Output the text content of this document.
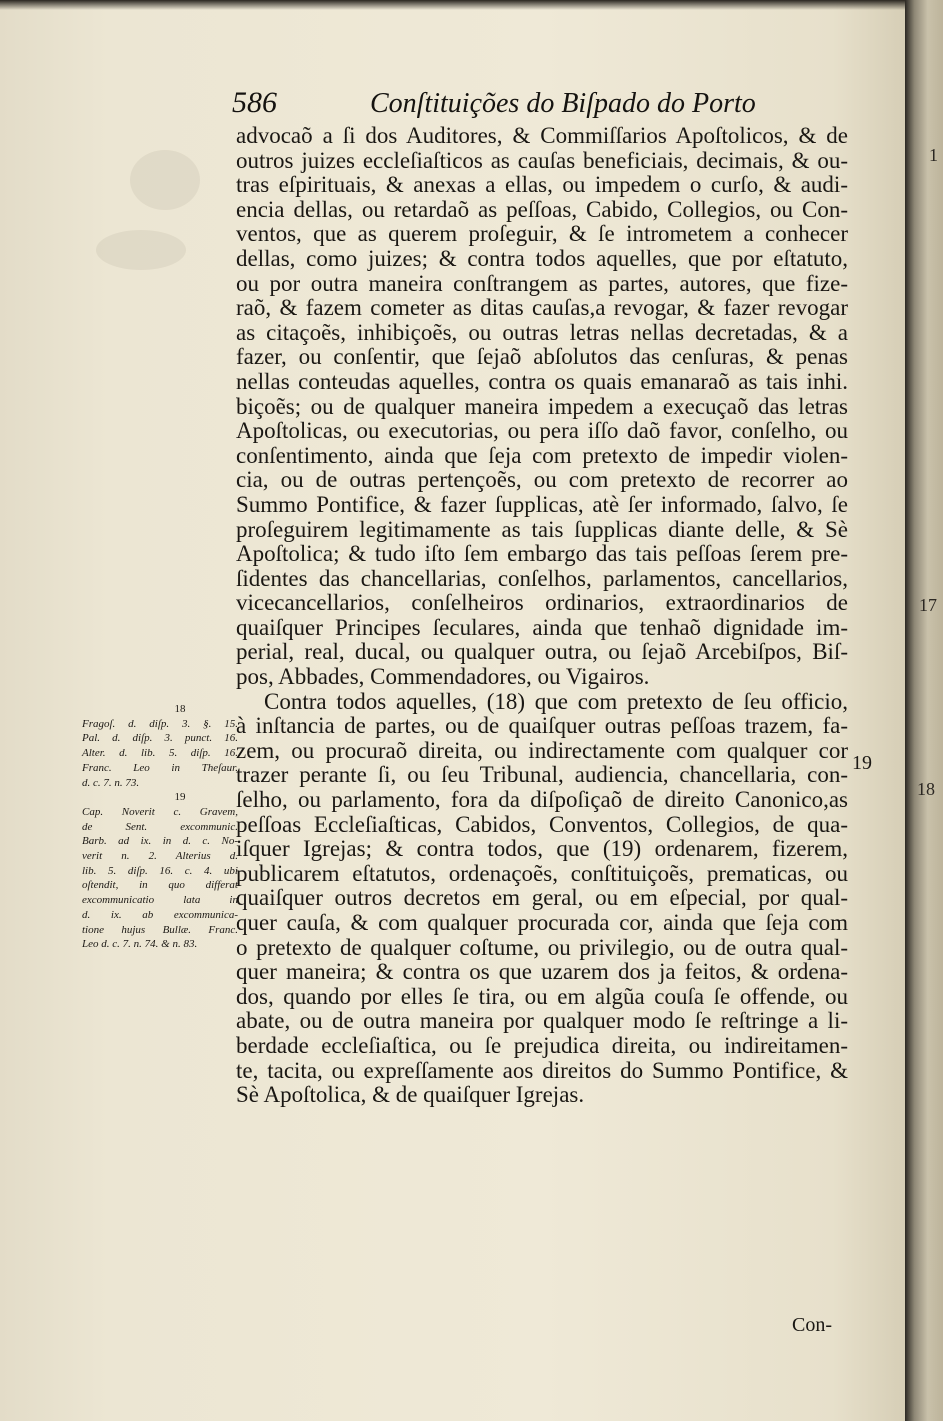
586	Conſtituições do Biſpado do Porto
advocaõ a ſi dos Auditores, & Commiſſarios Apoſtolicos, & de
outros juizes eccleſiaſticos as cauſas beneficiais, decimais, & ou-
tras eſpirituais, & anexas a ellas, ou impedem o curſo, & audi-
encia dellas, ou retardaõ as peſſoas, Cabido, Collegios, ou Con-
ventos, que as querem proſeguir, & ſe intrometem a conhecer
dellas, como juizes; & contra todos aquelles, que por eſtatuto,
ou por outra maneira conſtrangem as partes, autores, que fize-
raõ, & fazem cometer as ditas cauſas,a revogar, & fazer revogar
as citaçoẽs, inhibiçoẽs, ou outras letras nellas decretadas, & a
fazer, ou conſentir, que ſejaõ abſolutos das cenſuras, & penas
nellas conteudas aquelles, contra os quais emanaraõ as tais inhi.
biçoẽs; ou de qualquer maneira impedem a execuçaõ das letras
Apoſtolicas, ou executorias, ou pera iſſo daõ favor, conſelho, ou
conſentimento, ainda que ſeja com pretexto de impedir violen-
cia, ou de outras pertençoẽs, ou com pretexto de recorrer ao
Summo Pontifice, & fazer ſupplicas, atè ſer informado, ſalvo, ſe
proſeguirem legitimamente as tais ſupplicas diante delle, & Sè
Apoſtolica; & tudo iſto ſem embargo das tais peſſoas ſerem pre-
ſidentes das chancellarias, conſelhos, parlamentos, cancellarios,
vicecancellarios, conſelheiros ordinarios, extraordinarios de
quaiſquer Principes ſeculares, ainda que tenhaõ dignidade im-
perial, real, ducal, ou qualquer outra, ou ſejaõ Arcebiſpos, Biſ-
pos, Abbades, Commendadores, ou Vigairos.
Contra todos aquelles, (18) que com pretexto de ſeu officio,
à inſtancia de partes, ou de quaiſquer outras peſſoas trazem, fa-
zem, ou procuraõ direita, ou indirectamente com qualquer cor
trazer perante ſi, ou ſeu Tribunal, audiencia, chancellaria, con-
ſelho, ou parlamento, fora da diſpoſiçaõ de direito Canonico,as
peſſoas Eccleſiaſticas, Cabidos, Conventos, Collegios, de qua-
iſquer Igrejas; & contra todos, que (19) ordenarem, fizerem,
publicarem eſtatutos, ordenaçoẽs, conſtituiçoẽs, prematicas, ou
quaiſquer outros decretos em geral, ou em eſpecial, por qual-
quer cauſa, & com qualquer procurada cor, ainda que ſeja com
o pretexto de qualquer coſtume, ou privilegio, ou de outra qual-
quer maneira; & contra os que uzarem dos ja feitos, & ordena-
dos, quando por elles ſe tira, ou em algũa couſa ſe offende, ou
abate, ou de outra maneira por qualquer modo ſe reſtringe a li-
berdade eccleſiaſtica, ou ſe prejudica direita, ou indireitamen-
te, tacita, ou expreſſamente aos direitos do Summo Pontifice, &
Sè Apoſtolica, & de quaiſquer Igrejas.
Con-
18
Fragoſ. d. diſp. 3. §. 15.
Pal. d. diſp. 3. punct. 16.
Alter. d. lib. 5. diſp. 16.
Franc. Leo in Theſaur.
d. c. 7. n. 73.
19
Cap. Noverit c. Gravem,
de Sent. excommunic.
Barb. ad ix. in d. c. No-
verit n. 2. Alterius d.
lib. 5. diſp. 16. c. 4. ubi
oſtendit, in quo differat
excommunicatio lata in
d. ix. ab excommunica-
tione hujus Bullæ. Franc.
Leo d. c. 7. n. 74. & n. 83.
19
1
17
18
